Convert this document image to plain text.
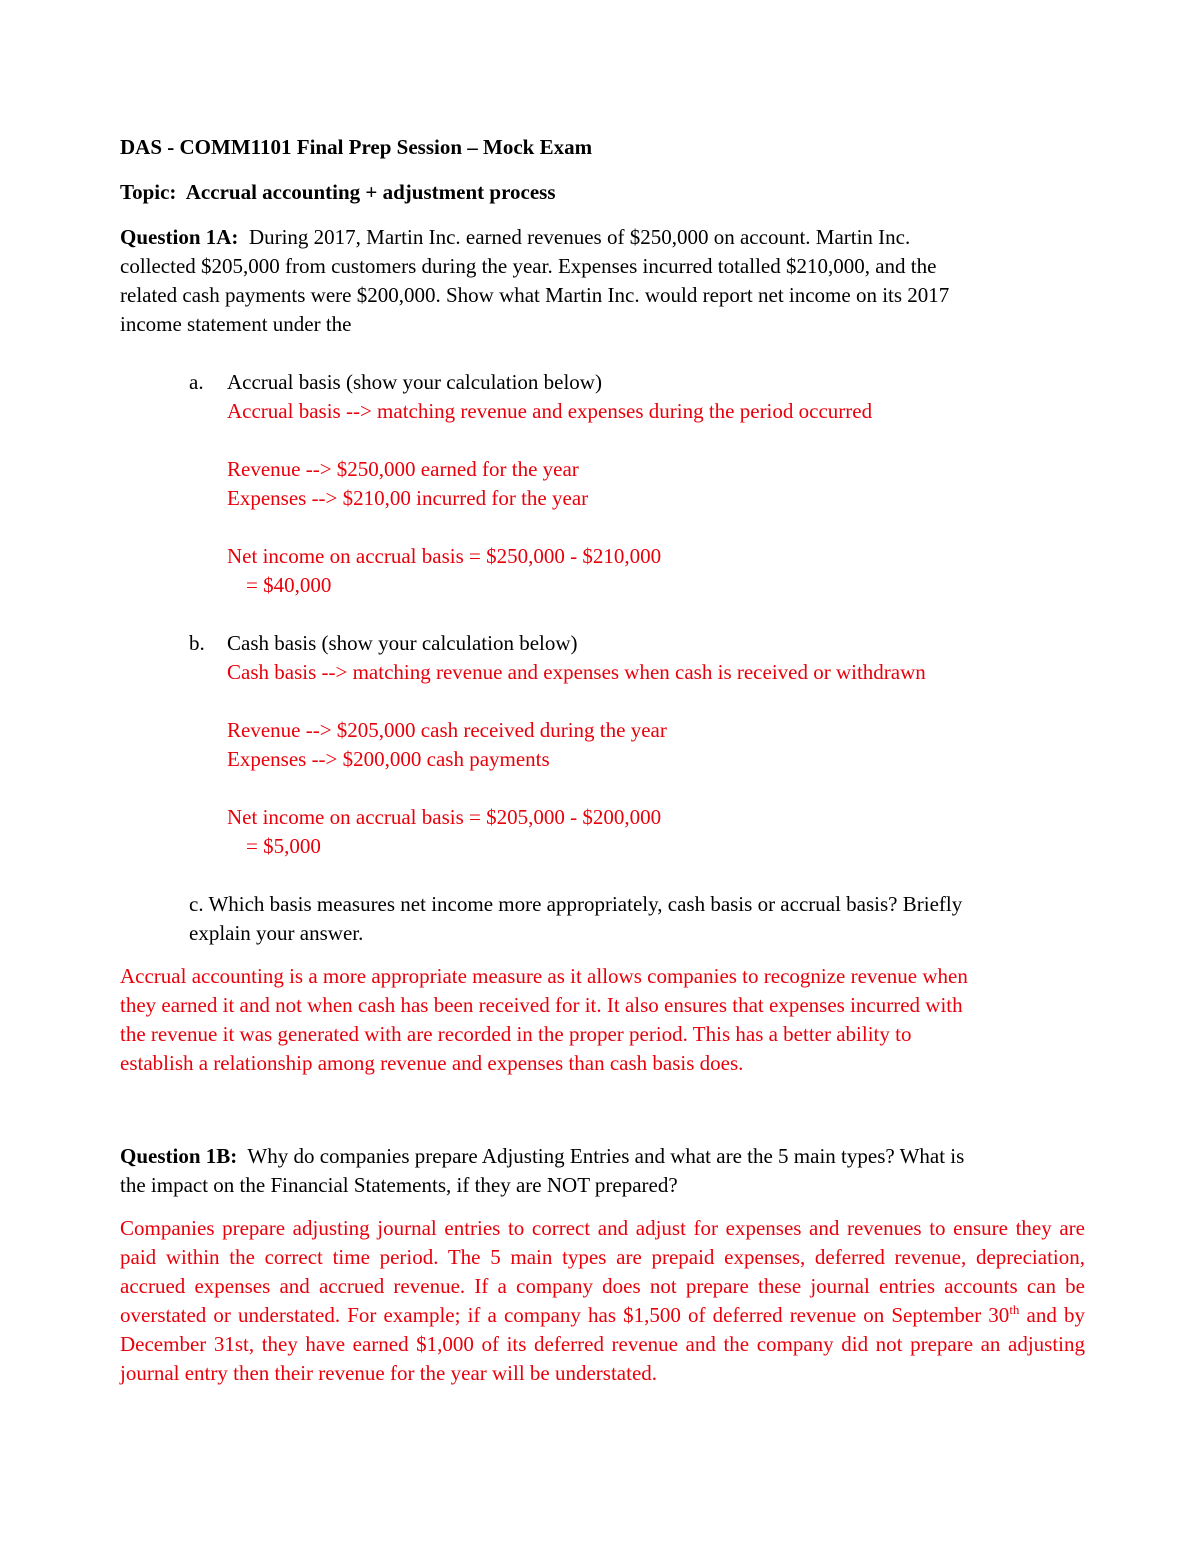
DAS - COMM1101 Final Prep Session – Mock Exam
Topic: Accrual accounting + adjustment process
Question 1A: During 2017, Martin Inc. earned revenues of $250,000 on account. Martin Inc.
collected $205,000 from customers during the year. Expenses incurred totalled $210,000, and the
related cash payments were $200,000. Show what Martin Inc. would report net income on its 2017
income statement under the
a. Accrual basis (show your calculation below)
Accrual basis --> matching revenue and expenses during the period occurred
Revenue --> $250,000 earned for the year
Expenses --> $210,00 incurred for the year
Net income on accrual basis = $250,000 - $210,000
= $40,000
b. Cash basis (show your calculation below)
Cash basis --> matching revenue and expenses when cash is received or withdrawn
Revenue --> $205,000 cash received during the year
Expenses --> $200,000 cash payments
Net income on accrual basis = $205,000 - $200,000
= $5,000
c. Which basis measures net income more appropriately, cash basis or accrual basis? Briefly
explain your answer.
Accrual accounting is a more appropriate measure as it allows companies to recognize revenue when
they earned it and not when cash has been received for it. It also ensures that expenses incurred with
the revenue it was generated with are recorded in the proper period. This has a better ability to
establish a relationship among revenue and expenses than cash basis does.
Question 1B: Why do companies prepare Adjusting Entries and what are the 5 main types? What is
the impact on the Financial Statements, if they are NOT prepared?
Companies prepare adjusting journal entries to correct and adjust for expenses and revenues to ensure they are paid within the correct time period. The 5 main types are prepaid expenses, deferred revenue, depreciation, accrued expenses and accrued revenue. If a company does not prepare these journal entries accounts can be overstated or understated. For example; if a company has $1,500 of deferred revenue on September 30th and by December 31st, they have earned $1,000 of its deferred revenue and the company did not prepare an adjusting journal entry then their revenue for the year will be understated.
